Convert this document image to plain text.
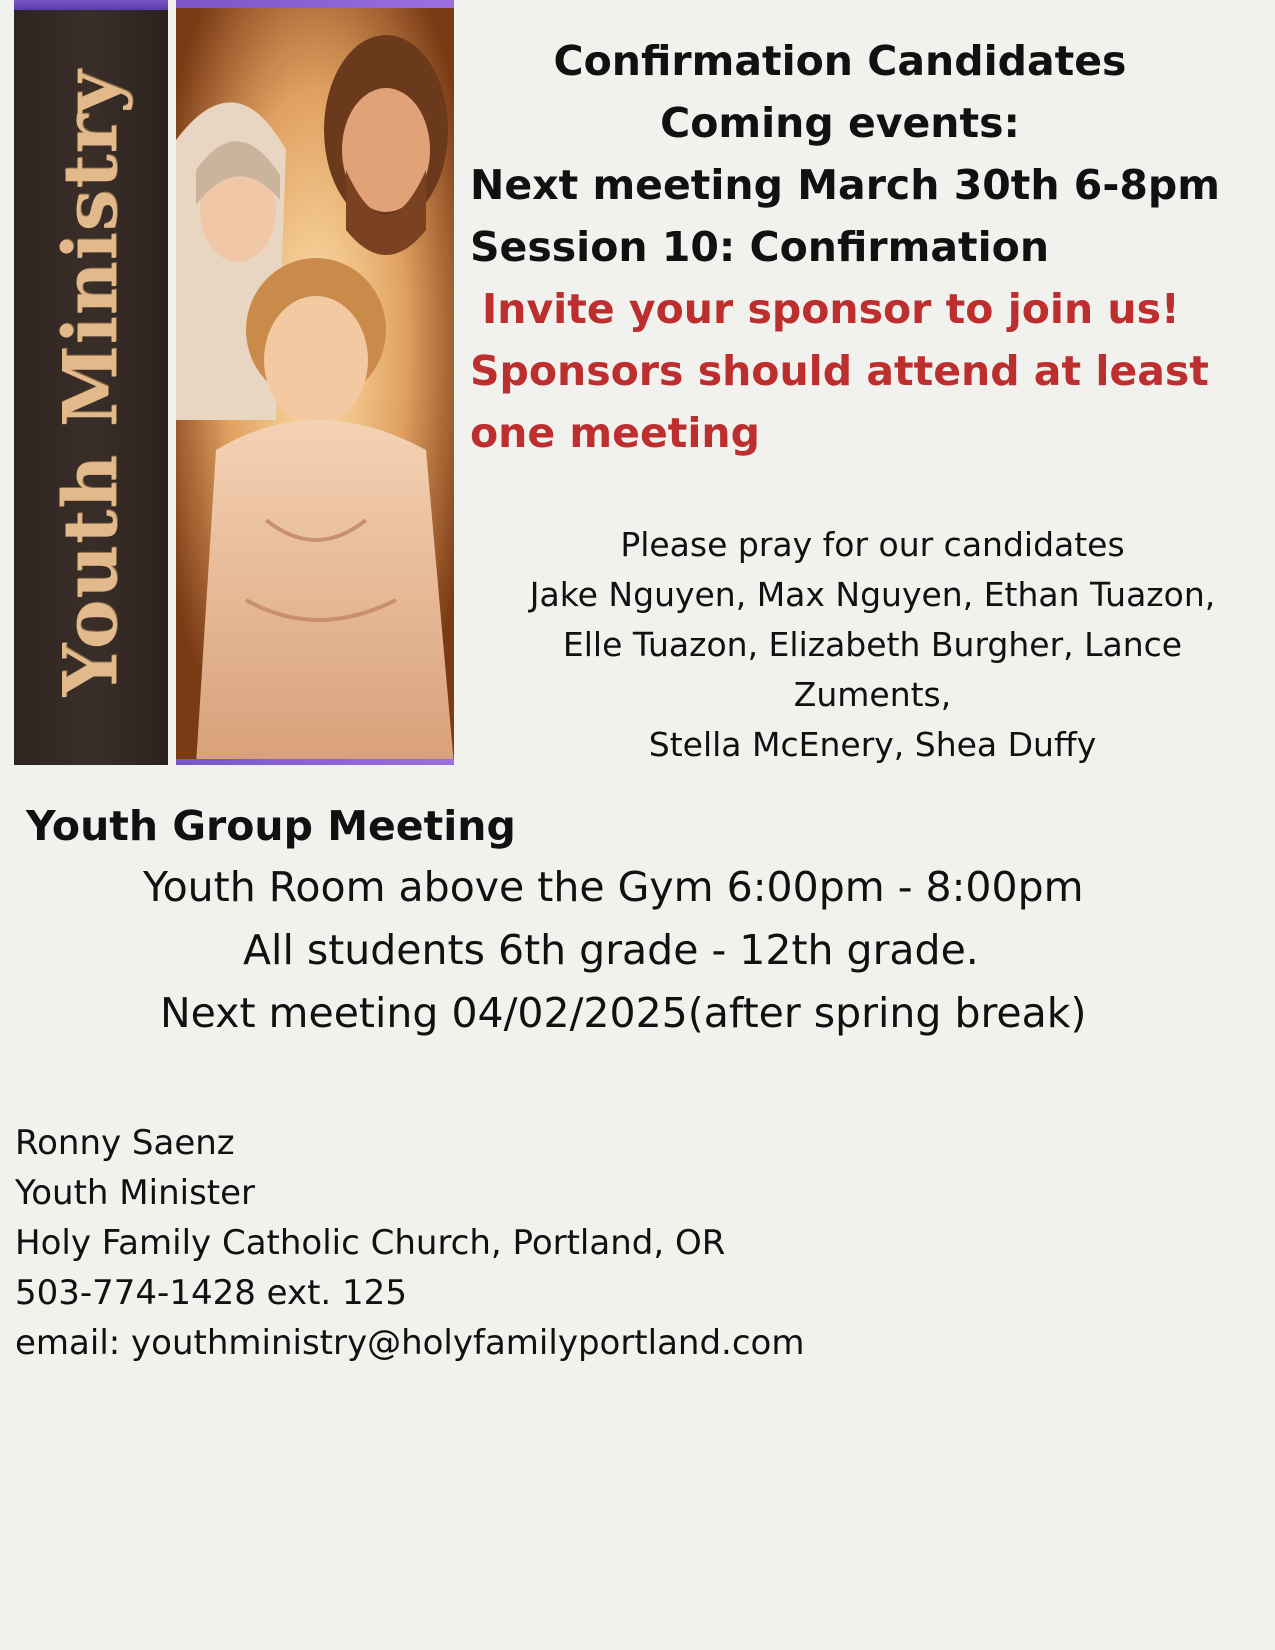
Youth Ministry
Confirmation Candidates
Coming events:
Next meeting March 30th 6-8pm
Session 10: Confirmation
Invite your sponsor to join us!
Sponsors should attend at least
one meeting
Please pray for our candidates
Jake Nguyen, Max Nguyen, Ethan Tuazon,
Elle Tuazon, Elizabeth Burgher, Lance
Zuments,
Stella McEnery, Shea Duffy
Youth Group Meeting
Youth Room above the Gym 6:00pm - 8:00pm
All students 6th grade - 12th grade.
Next meeting 04/02/2025(after spring break)
Ronny Saenz
Youth Minister
Holy Family Catholic Church, Portland, OR
503-774-1428 ext. 125
email: youthministry@holyfamilyportland.com
